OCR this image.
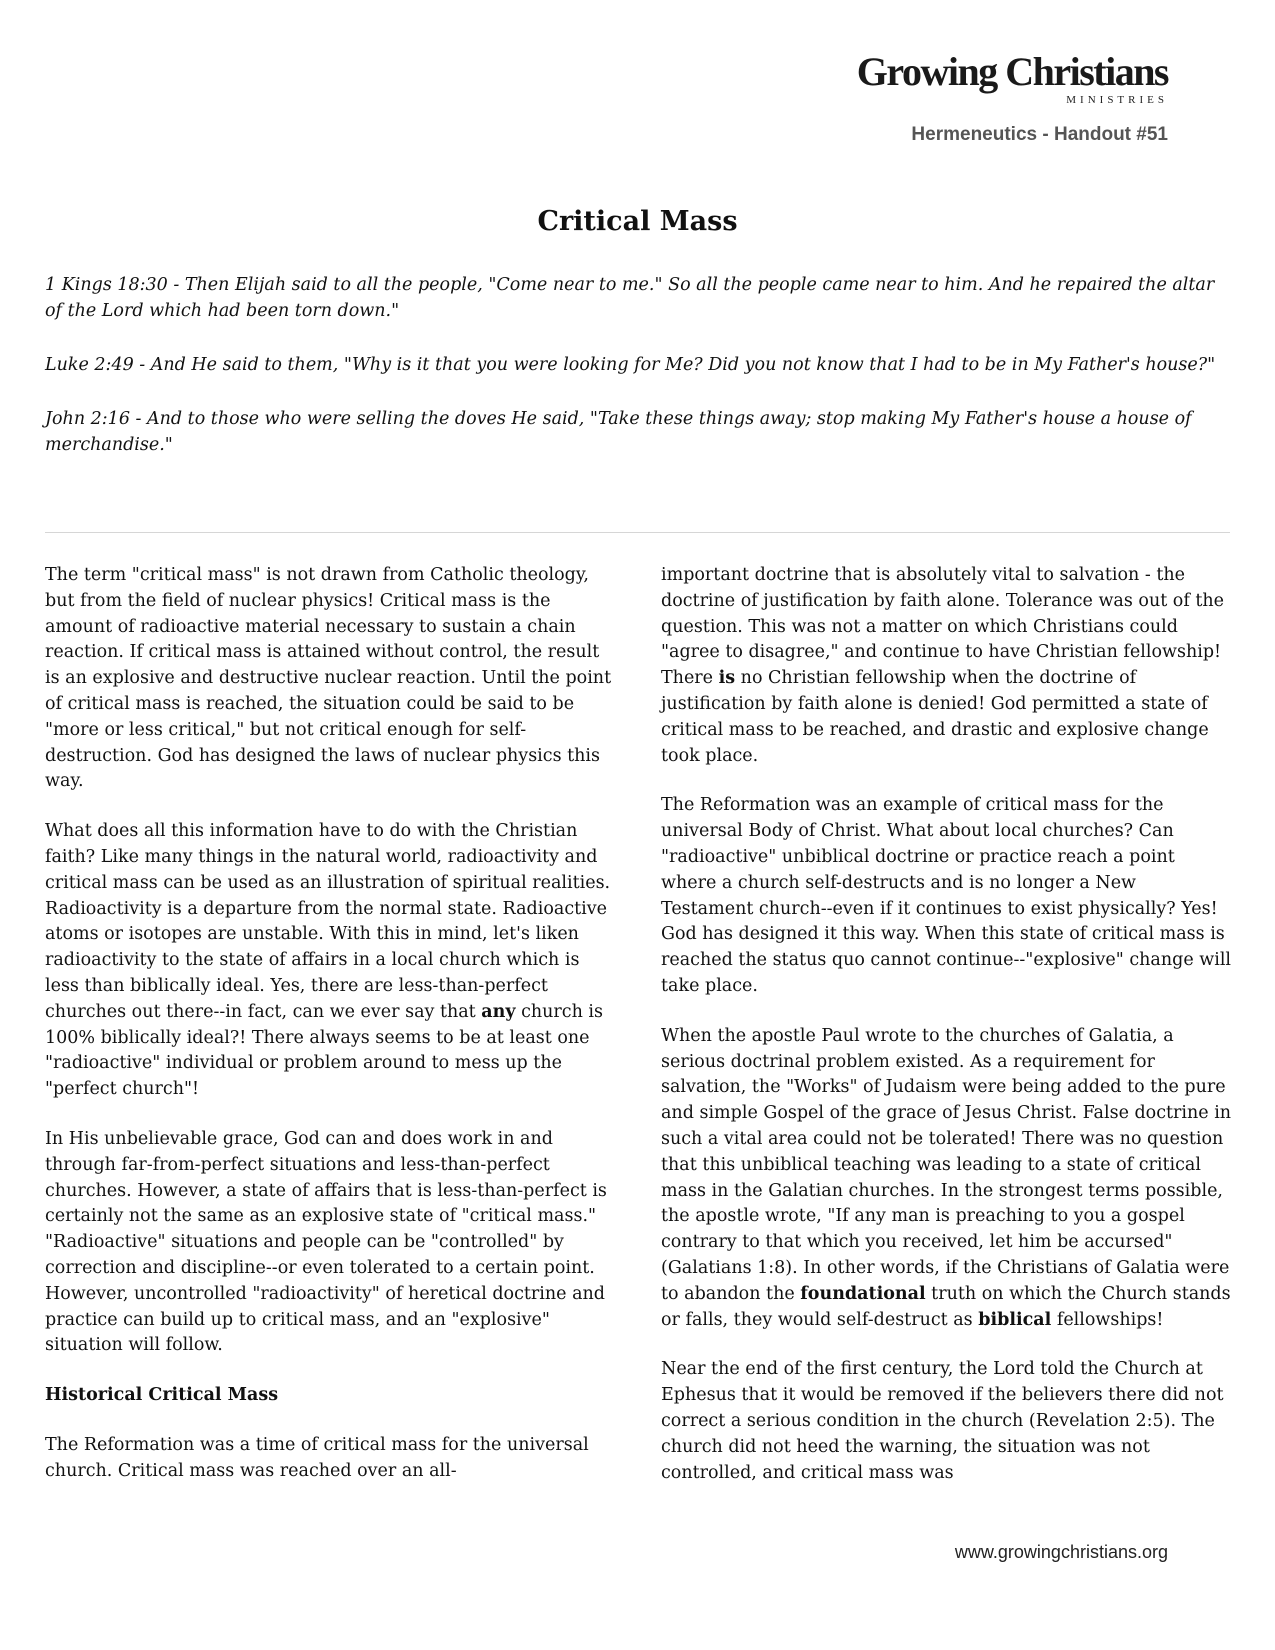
Growing Christians
MINISTRIES
Hermeneutics - Handout #51
Critical Mass

1 Kings 18:30 - Then Elijah said to all the people, "Come near to me." So all the people came near to him. And he repaired the altar of the Lord which had been torn down."

Luke 2:49 - And He said to them, "Why is it that you were looking for Me? Did you not know that I had to be in My Father's house?"

John 2:16 - And to those who were selling the doves He said, "Take these things away; stop making My Father's house a house of merchandise."

The term "critical mass" is not drawn from Catholic theology, but from the field of nuclear physics! Critical mass is the amount of radioactive material necessary to sustain a chain reaction. If critical mass is attained without control, the result is an explosive and destructive nuclear reaction. Until the point of critical mass is reached, the situation could be said to be "more or less critical," but not critical enough for self-destruction. God has designed the laws of nuclear physics this way.

What does all this information have to do with the Christian faith? Like many things in the natural world, radioactivity and critical mass can be used as an illustration of spiritual realities. Radioactivity is a departure from the normal state. Radioactive atoms or isotopes are unstable. With this in mind, let's liken radioactivity to the state of affairs in a local church which is less than biblically ideal. Yes, there are less-than-perfect churches out there--in fact, can we ever say that any church is 100% biblically ideal?! There always seems to be at least one "radioactive" individual or problem around to mess up the "perfect church"!

In His unbelievable grace, God can and does work in and through far-from-perfect situations and less-than-perfect churches. However, a state of affairs that is less-than-perfect is certainly not the same as an explosive state of "critical mass." "Radioactive" situations and people can be "controlled" by correction and discipline--or even tolerated to a certain point. However, uncontrolled "radioactivity" of heretical doctrine and practice can build up to critical mass, and an "explosive" situation will follow.

Historical Critical Mass

The Reformation was a time of critical mass for the universal church. Critical mass was reached over an all-

important doctrine that is absolutely vital to salvation - the doctrine of justification by faith alone. Tolerance was out of the question. This was not a matter on which Christians could "agree to disagree," and continue to have Christian fellowship! There is no Christian fellowship when the doctrine of justification by faith alone is denied! God permitted a state of critical mass to be reached, and drastic and explosive change took place.

The Reformation was an example of critical mass for the universal Body of Christ. What about local churches? Can "radioactive" unbiblical doctrine or practice reach a point where a church self-destructs and is no longer a New Testament church--even if it continues to exist physically? Yes! God has designed it this way. When this state of critical mass is reached the status quo cannot continue--"explosive" change will take place.

When the apostle Paul wrote to the churches of Galatia, a serious doctrinal problem existed. As a requirement for salvation, the "Works" of Judaism were being added to the pure and simple Gospel of the grace of Jesus Christ. False doctrine in such a vital area could not be tolerated! There was no question that this unbiblical teaching was leading to a state of critical mass in the Galatian churches. In the strongest terms possible, the apostle wrote, "If any man is preaching to you a gospel contrary to that which you received, let him be accursed" (Galatians 1:8). In other words, if the Christians of Galatia were to abandon the foundational truth on which the Church stands or falls, they would self-destruct as biblical fellowships!

Near the end of the first century, the Lord told the Church at Ephesus that it would be removed if the believers there did not correct a serious condition in the church (Revelation 2:5). The church did not heed the warning, the situation was not controlled, and critical mass was

www.growingchristians.org
